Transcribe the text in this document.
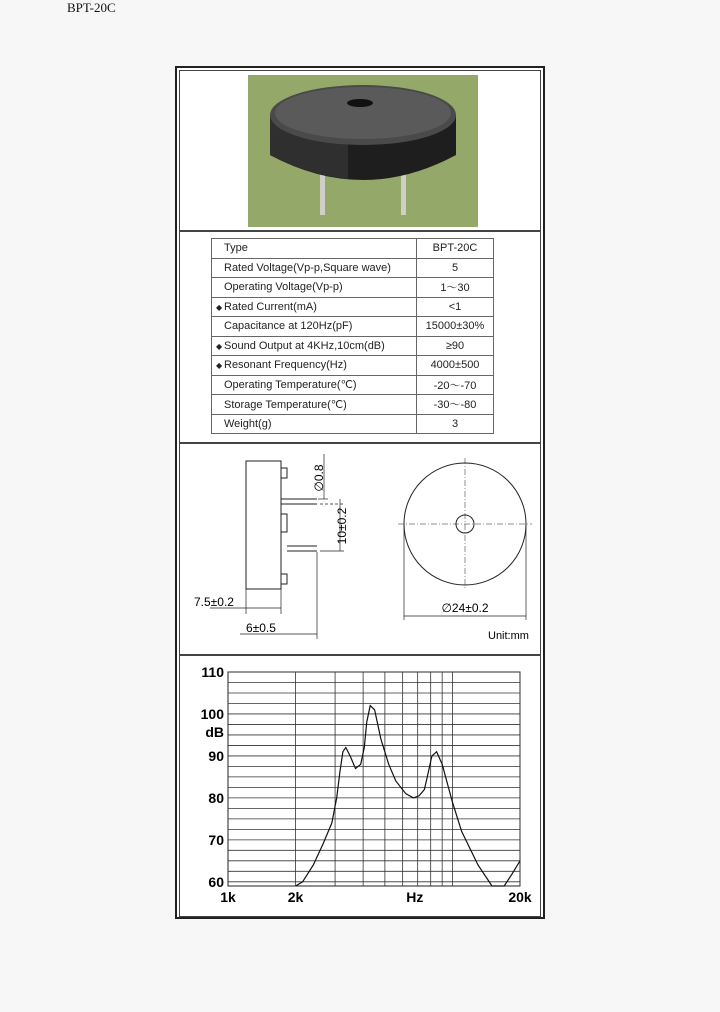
BPT-20C
Type	BPT-20C
Rated Voltage(Vp-p,Square wave)	5
Operating Voltage(Vp-p)	1～30
◆ Rated Current(mA)	<1
Capacitance at 120Hz(pF)	15000±30%
◆ Sound Output at 4KHz,10cm(dB)	≥90
◆ Resonant Frequency(Hz)	4000±500
Operating Temperature(℃)	-20～-70
Storage Temperature(℃)	-30～-80
Weight(g)	3
∅0.8
10±0.2
7.5±0.2
6±0.5
∅24±0.2
Unit:mm
60
70
80
90
100
110
dB
1k	2k	20k
Hz
